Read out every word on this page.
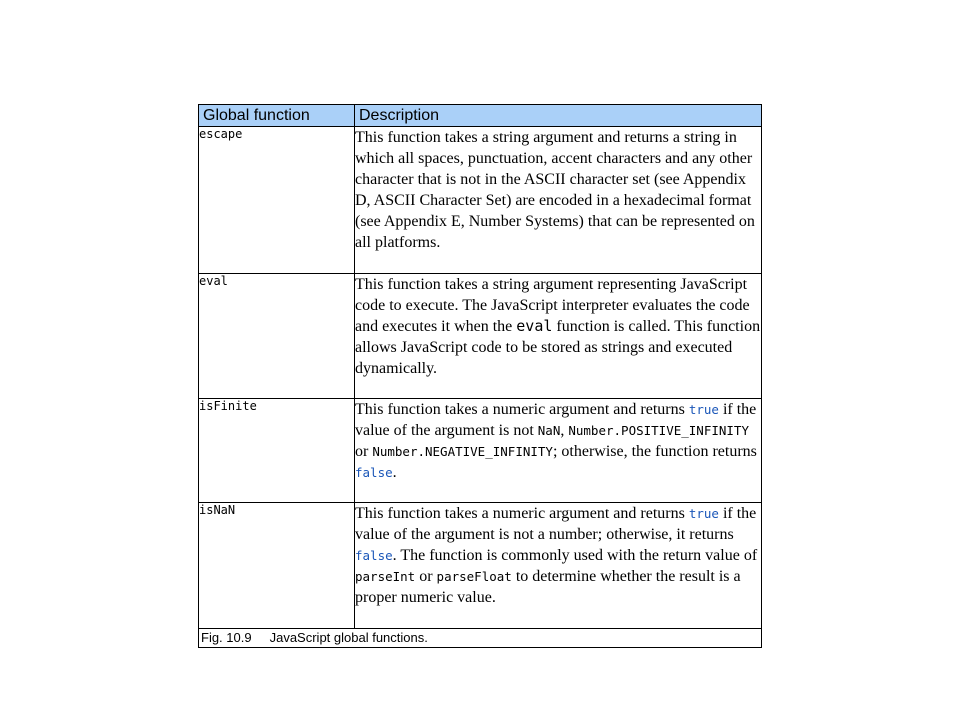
Global function	Description
escape	This function takes a string argument and returns a string in which all spaces, punctuation, accent characters and any other character that is not in the ASCII character set (see Appendix D, ASCII Character Set) are encoded in a hexadecimal format (see Appendix E, Number Systems) that can be represented on all platforms.
eval	This function takes a string argument representing JavaScript code to execute. The JavaScript interpreter evaluates the code and executes it when the eval function is called. This function allows JavaScript code to be stored as strings and executed dynamically.
isFinite	This function takes a numeric argument and returns true if the value of the argument is not NaN, Number.POSITIVE_INFINITY or Number.NEGATIVE_INFINITY; otherwise, the function returns false.
isNaN	This function takes a numeric argument and returns true if the value of the argument is not a number; otherwise, it returns false. The function is commonly used with the return value of parseInt or parseFloat to determine whether the result is a proper numeric value.
Fig. 10.9 JavaScript global functions.	
